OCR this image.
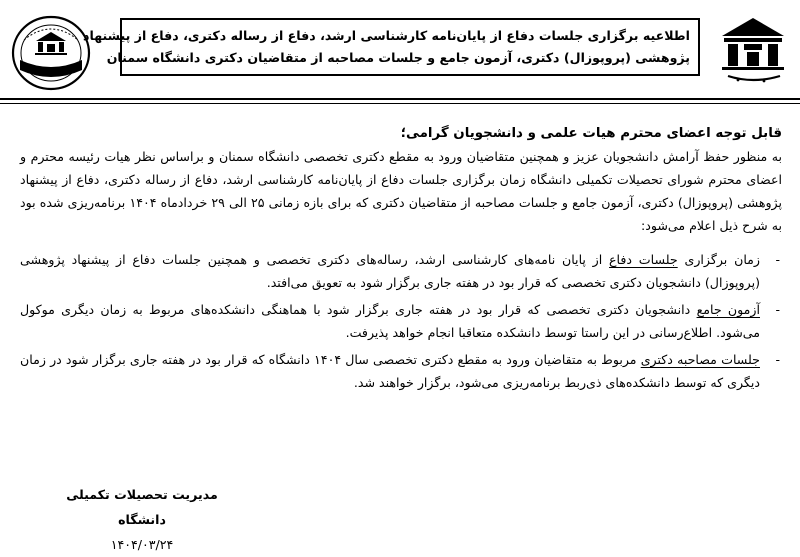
اطلاعیه برگزاری جلسات دفاع از پایان‌نامه کارشناسی ارشد، دفاع از رساله دکتری، دفاع از پیشنهاد
پژوهشی (پروپوزال) دکتری، آزمون جامع و جلسات مصاحبه از متقاضیان دکتری دانشگاه سمنان

قابل توجه اعضای محترم هیات علمی و دانشجویان گرامی؛

به منظور حفظ آرامش دانشجویان عزیز و همچنین متقاضیان ورود به مقطع دکتری تخصصی دانشگاه سمنان و براساس نظر هیات رئیسه محترم و اعضای محترم شورای تحصیلات تکمیلی دانشگاه زمان برگزاری جلسات دفاع از پایان‌نامه کارشناسی ارشد، دفاع از رساله دکتری، دفاع از پیشنهاد پژوهشی (پروپوزال) دکتری، آزمون جامع و جلسات مصاحبه از متقاضیان دکتری که برای بازه زمانی ۲۵ الی ۲۹ خردادماه ۱۴۰۴ برنامه‌ریزی شده بود به شرح ذیل اعلام می‌شود:

-
زمان برگزاری جلسات دفاع از پایان نامه‌های کارشناسی ارشد، رساله‌های دکتری تخصصی و همچنین جلسات دفاع از پیشنهاد پژوهشی (پروپوزال) دانشجویان دکتری تخصصی که قرار بود در هفته جاری برگزار شود به تعویق می‌افتد.
-
آزمون جامع دانشجویان دکتری تخصصی که قرار بود در هفته جاری برگزار شود با هماهنگی دانشکده‌های مربوط به زمان دیگری موکول می‌شود. اطلاع‌رسانی در این راستا توسط دانشکده متعاقبا انجام خواهد پذیرفت.
-
جلسات مصاحبه دکتری مربوط به متقاضیان ورود به مقطع دکتری تخصصی سال ۱۴۰۴ دانشگاه که قرار بود در هفته جاری برگزار شود در زمان دیگری که توسط دانشکده‌های ذی‌ربط برنامه‌ریزی می‌شود، برگزار خواهند شد.
مدیریت تحصیلات تکمیلی دانشگاه
۱۴۰۴/۰۳/۲۴
